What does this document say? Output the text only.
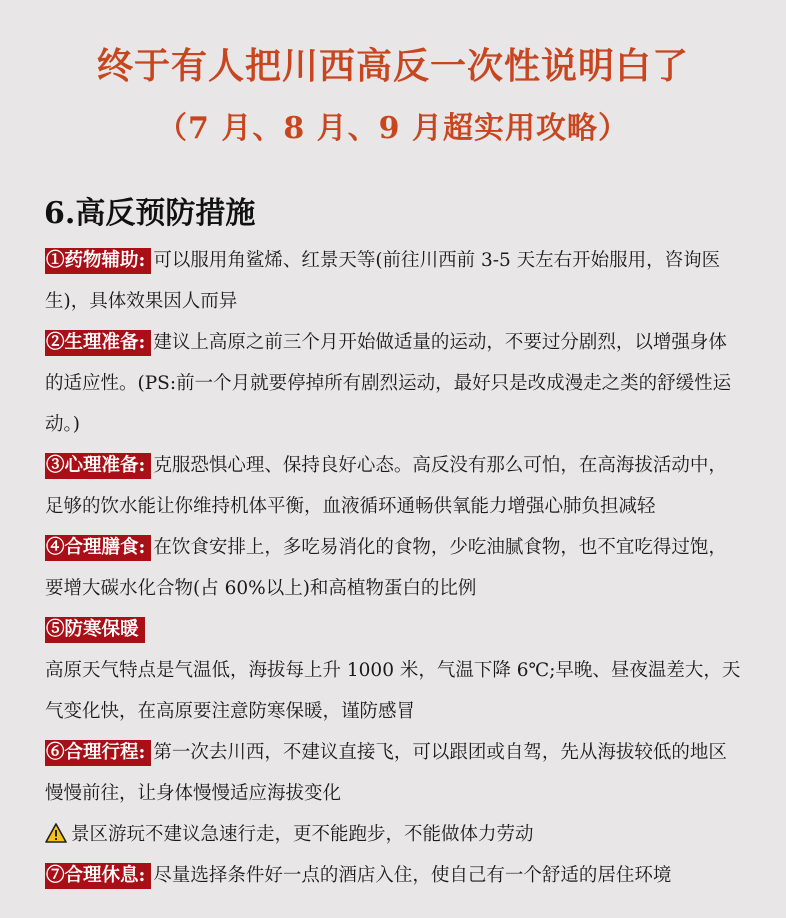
终于有人把川西高反一次性说明白了
（7 月、8 月、9 月超实用攻略）
6.高反预防措施

①药物辅助: 可以服用角鲨烯、红景天等(前往川西前 3-5 天左右开始服用，咨询医生)，具体效果因人而异

②生理准备: 建议上高原之前三个月开始做适量的运动，不要过分剧烈，以增强身体的适应性。(PS:前一个月就要停掉所有剧烈运动，最好只是改成漫走之类的舒缓性运动。)

③心理准备: 克服恐惧心理、保持良好心态。高反没有那么可怕，在高海拔活动中，足够的饮水能让你维持机体平衡，血液循环通畅供氧能力增强心肺负担减轻

④合理膳食: 在饮食安排上，多吃易消化的食物，少吃油腻食物，也不宜吃得过饱，要增大碳水化合物(占 60%以上)和高植物蛋白的比例

⑤防寒保暖

高原天气特点是气温低，海拔每上升 1000 米，气温下降 6℃;早晚、昼夜温差大，天气变化快，在高原要注意防寒保暖，谨防感冒

⑥合理行程: 第一次去川西，不建议直接飞，可以跟团或自驾，先从海拔较低的地区慢慢前往，让身体慢慢适应海拔变化

景区游玩不建议急速行走，更不能跑步，不能做体力劳动

⑦合理休息: 尽量选择条件好一点的酒店入住，使自己有一个舒适的居住环境
